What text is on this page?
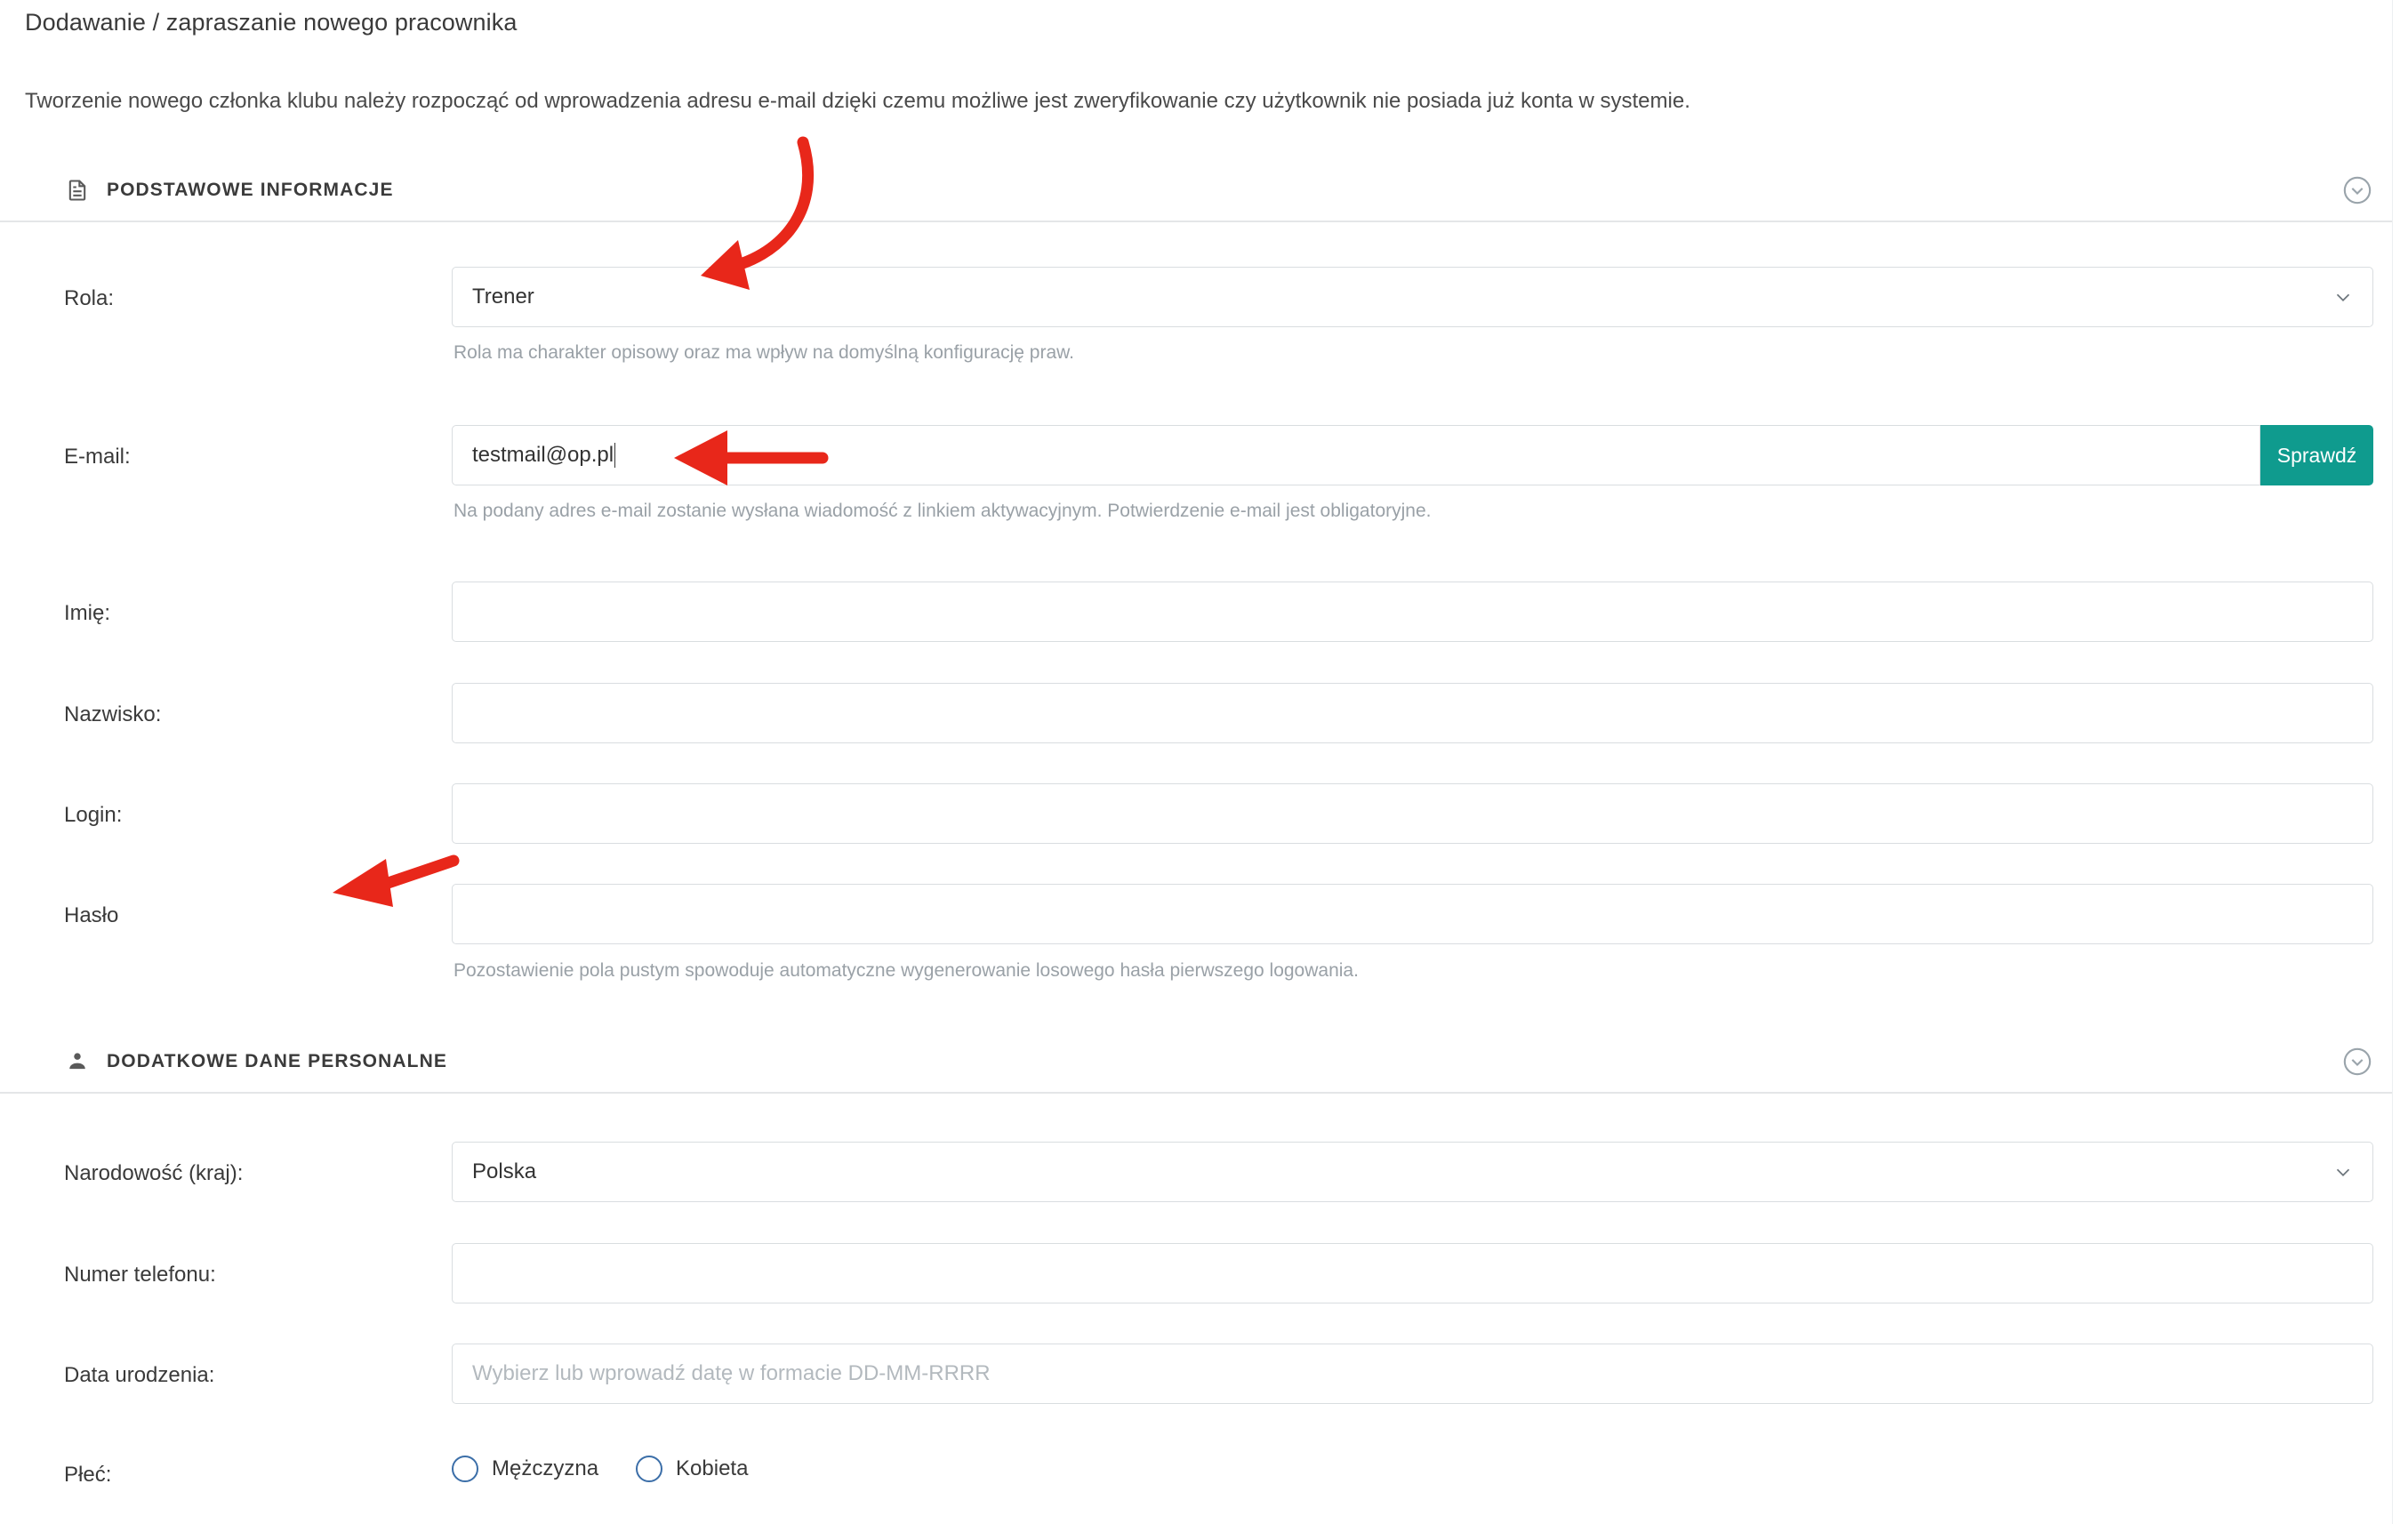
Dodawanie / zapraszanie nowego pracownika
Tworzenie nowego członka klubu należy rozpocząć od wprowadzenia adresu e-mail dzięki czemu możliwe jest zweryfikowanie czy użytkownik nie posiada już konta w systemie.
PODSTAWOWE INFORMACJE
Rola:	Trener
Rola ma charakter opisowy oraz ma wpływ na domyślną konfigurację praw.
E-mail:	testmail@op.pl	Sprawdź
Na podany adres e-mail zostanie wysłana wiadomość z linkiem aktywacyjnym. Potwierdzenie e-mail jest obligatoryjne.
Imię:
Nazwisko:
Login:
Hasło
Pozostawienie pola pustym spowoduje automatyczne wygenerowanie losowego hasła pierwszego logowania.
DODATKOWE DANE PERSONALNE
Narodowość (kraj):	Polska
Numer telefonu:
Data urodzenia:	Wybierz lub wprowadź datę w formacie DD-MM-RRRR
Płeć:	Mężczyzna	Kobieta
